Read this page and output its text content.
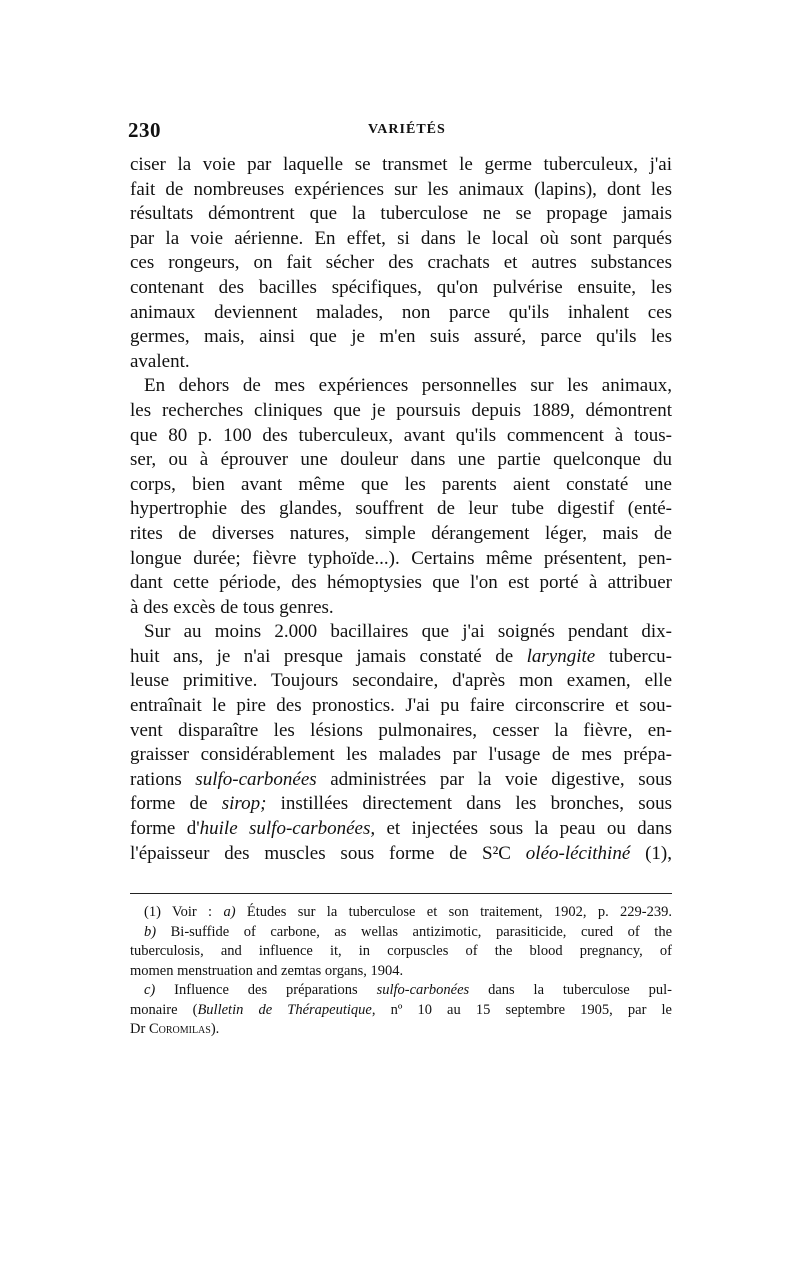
230	VARIÉTÉS
ciser la voie par laquelle se transmet le germe tuberculeux, j'ai
fait de nombreuses expériences sur les animaux (lapins), dont les
résultats démontrent que la tuberculose ne se propage jamais
par la voie aérienne. En effet, si dans le local où sont parqués
ces rongeurs, on fait sécher des crachats et autres substances
contenant des bacilles spécifiques, qu'on pulvérise ensuite, les
animaux deviennent malades, non parce qu'ils inhalent ces
germes, mais, ainsi que je m'en suis assuré, parce qu'ils les
avalent.
En dehors de mes expériences personnelles sur les animaux,
les recherches cliniques que je poursuis depuis 1889, démontrent
que 80 p. 100 des tuberculeux, avant qu'ils commencent à tous-
ser, ou à éprouver une douleur dans une partie quelconque du
corps, bien avant même que les parents aient constaté une
hypertrophie des glandes, souffrent de leur tube digestif (enté-
rites de diverses natures, simple dérangement léger, mais de
longue durée; fièvre typhoïde...). Certains même présentent, pen-
dant cette période, des hémoptysies que l'on est porté à attribuer
à des excès de tous genres.
Sur au moins 2.000 bacillaires que j'ai soignés pendant dix-
huit ans, je n'ai presque jamais constaté de laryngite tubercu-
leuse primitive. Toujours secondaire, d'après mon examen, elle
entraînait le pire des pronostics. J'ai pu faire circonscrire et sou-
vent disparaître les lésions pulmonaires, cesser la fièvre, en-
graisser considérablement les malades par l'usage de mes prépa-
rations sulfo-carbonées administrées par la voie digestive, sous
forme de sirop; instillées directement dans les bronches, sous
forme d'huile sulfo-carbonées, et injectées sous la peau ou dans
l'épaisseur des muscles sous forme de S²C oléo-lécithiné (1),
(1) Voir : a) Études sur la tuberculose et son traitement, 1902, p. 229-239.
b) Bi-suffide of carbone, as wellas antizimotic, parasiticide, cured of the
tuberculosis, and influence it, in corpuscles of the blood pregnancy, of
momen menstruation and zemtas organs, 1904.
c) Influence des préparations sulfo-carbonées dans la tuberculose pul-
monaire (Bulletin de Thérapeutique, nº 10 au 15 septembre 1905, par le
Dr Coromilas).
